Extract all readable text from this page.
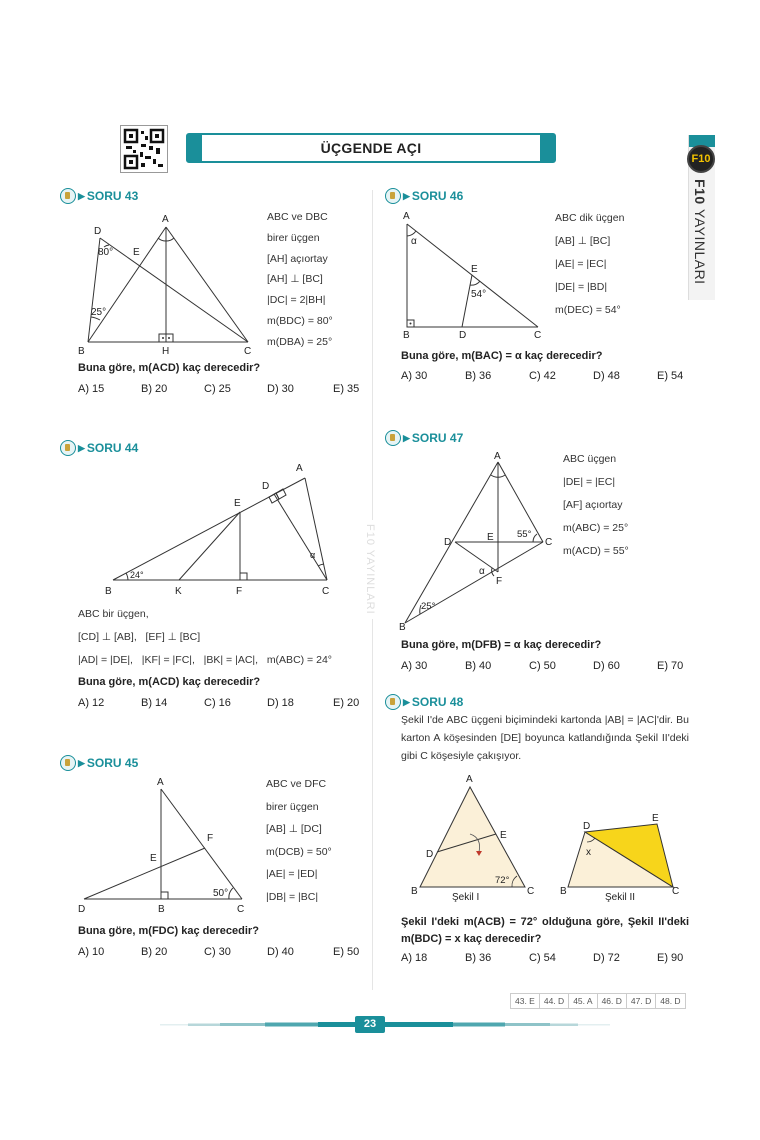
ÜÇGENDE AÇI
F10
F10 YAYINLARI
F10 YAYINLARI
▶ SORU 43
A
D
E
80°
25°
B	H	C
ABC ve DBC
birer üçgen
[AH] açıortay
[AH] ⊥ [BC]
|DC| = 2|BH|
m(BDC) = 80°
m(DBA) = 25°
Buna göre, m(ACD) kaç derecedir?
A) 15	B) 20	C) 25	D) 30	E) 35
▶ SORU 44
A
D
E
24°
α
B	K	F	C
ABC bir üçgen,
[CD] ⊥ [AB],   [EF] ⊥ [BC]
|AD| = |DE|,   |KF| = |FC|,   |BK| = |AC|,   m(ABC) = 24°
Buna göre, m(ACD) kaç derecedir?
A) 12	B) 14	C) 16	D) 18	E) 20
▶ SORU 45
A
F
E
50°
D	B	C
ABC ve DFC
birer üçgen
[AB] ⊥ [DC]
m(DCB) = 50°
|AE| = |ED|
|DB| = |BC|
Buna göre, m(FDC) kaç derecedir?
A) 10	B) 20	C) 30	D) 40	E) 50
▶ SORU 46
A
α
E
54°
B	D	C
ABC dik üçgen
[AB] ⊥ [BC]
|AE| = |EC|
|DE| = |BD|
m(DEC) = 54°
Buna göre, m(BAC) = α kaç derecedir?
A) 30	B) 36	C) 42	D) 48	E) 54
▶ SORU 47
A
D	E 55°
C
α
F
25°
B
ABC üçgen
|DE| = |EC|
[AF] açıortay
m(ABC) = 25°
m(ACD) = 55°
Buna göre, m(DFB) = α kaç derecedir?
A) 30	B) 40	C) 50	D) 60	E) 70
▶ SORU 48
Şekil I'de ABC üçgeni biçimindeki kartonda |AB| = |AC|'dir. Bu karton A köşesinden [DE] boyunca katlandığında Şekil II'deki gibi C köşesiyle çakışıyor.
A
D
E
72°
B	C
Şekil I
D
E
x
B	C
Şekil II
Şekil I'deki m(ACB) = 72° olduğuna göre, Şekil II'deki
m(BDC) = x kaç derecedir?
A) 18	B) 36	C) 54	D) 72	E) 90
43. E	44. D	45. A	46. D	47. D	48. D
23
